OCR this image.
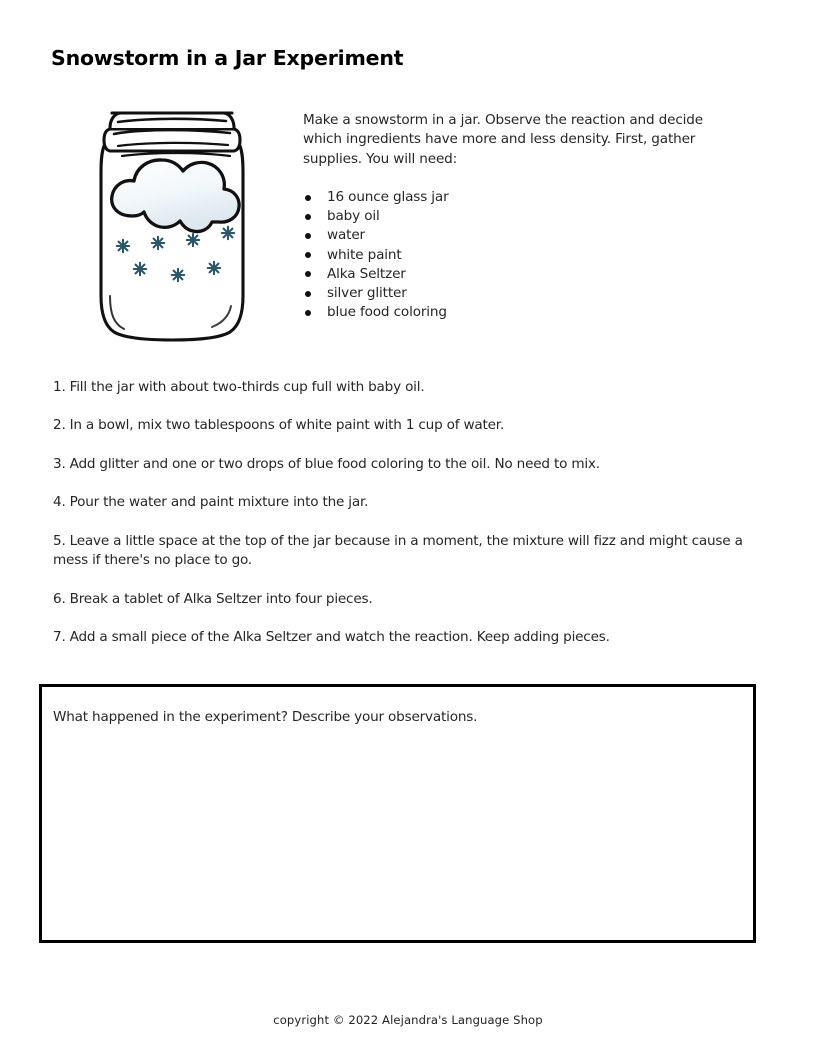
Snowstorm in a Jar Experiment
Make a snowstorm in a jar. Observe the reaction and decide which ingredients have more and less density. First, gather supplies. You will need:
16 ounce glass jar
baby oil
water
white paint
Alka Seltzer
silver glitter
blue food coloring
1. Fill the jar with about two-thirds cup full with baby oil.
2. In a bowl, mix two tablespoons of white paint with 1 cup of water.
3. Add glitter and one or two drops of blue food coloring to the oil. No need to mix.
4. Pour the water and paint mixture into the jar.
5. Leave a little space at the top of the jar because in a moment, the mixture will fizz and might cause a mess if there's no place to go.
6. Break a tablet of Alka Seltzer into four pieces.
7. Add a small piece of the Alka Seltzer and watch the reaction. Keep adding pieces.
What happened in the experiment? Describe your observations.
copyright © 2022 Alejandra's Language Shop
